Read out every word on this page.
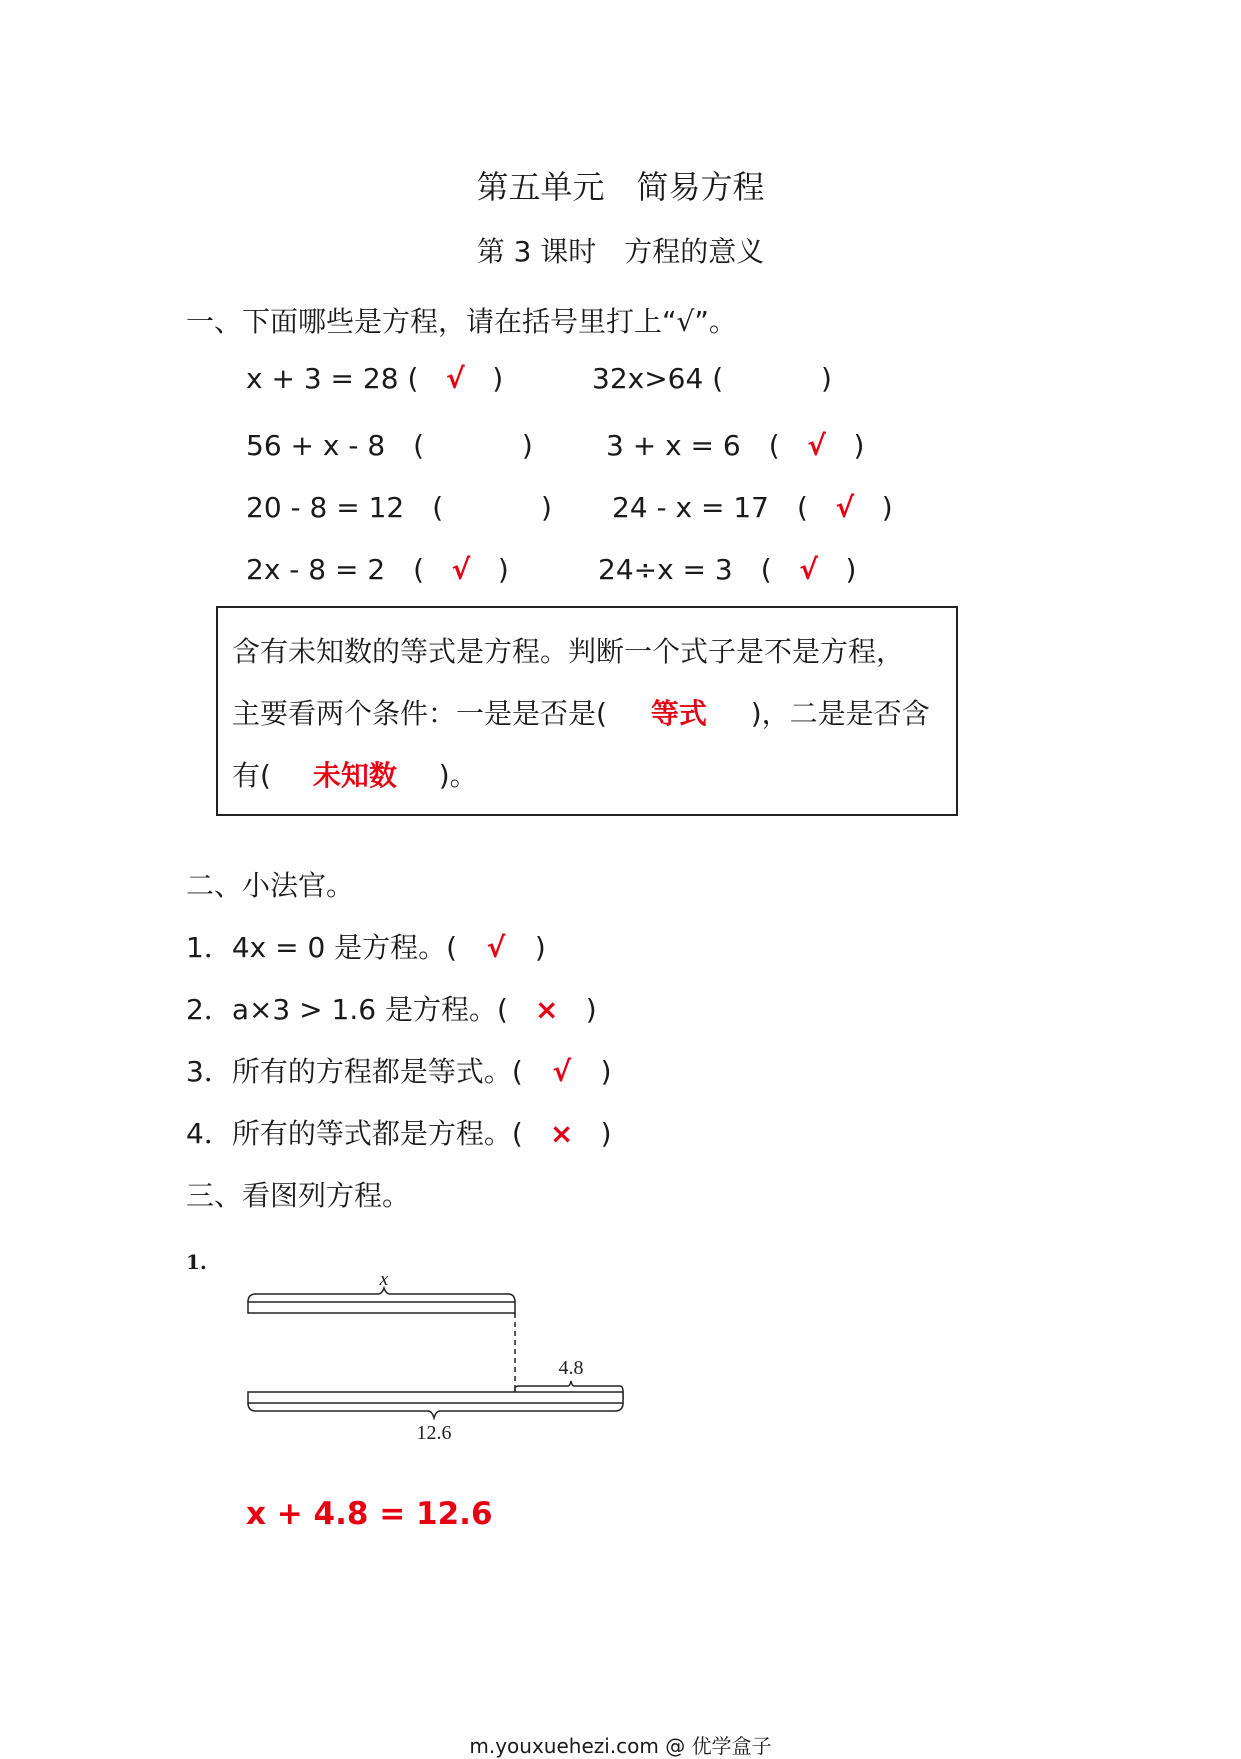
第五单元　简易方程
第 3 课时　方程的意义
一、下面哪些是方程，请在括号里打上“√”。
x + 3 = 28 ( √ )	32x>64 (	)
56 + x - 8　(	)	3 + x = 6　( √ )
20 - 8 = 12　(	) 24 - x = 17　( √ )
2x - 8 = 2　( √ )	24÷x = 3　( √ )
含有未知数的等式是方程。判断一个式子是不是方程，
主要看两个条件：一是是否是( 等式 )，二是是否含
有( 未知数 )。
二、小法官。
1．4x = 0 是方程。( √ )
2．a×3 > 1.6 是方程。( × )
3．所有的方程都是等式。( √ )
4．所有的等式都是方程。( × )
三、看图列方程。
1.
x
4.8
12.6
x + 4.8 = 12.6
m.youxuehezi.com @ 优学盒子
